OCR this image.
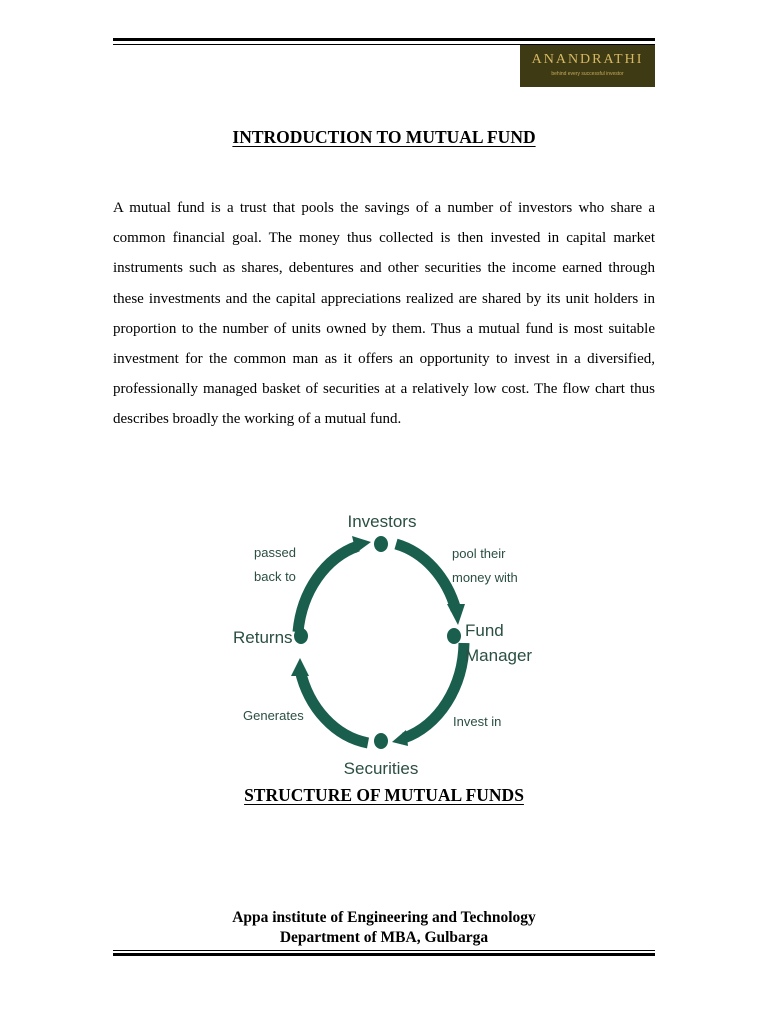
ANANDRATHI
behind every successful investor
INTRODUCTION TO MUTUAL FUND

A mutual fund is a trust that pools the savings of a number of investors who share a common financial goal. The money thus collected is then invested in capital market instruments such as shares, debentures and other securities the income earned through these investments and the capital appreciations realized are shared by its unit holders in proportion to the number of units owned by them. Thus a mutual fund is most suitable investment for the common man as it offers an opportunity to invest in a diversified, professionally managed basket of securities at a relatively low cost. The flow chart thus describes broadly the working of a mutual fund.

Investors
Fund
Manager
Securities
Returns
pool their
money with
Invest in
Generates
passed
back to
STRUCTURE OF MUTUAL FUNDS
Appa institute of Engineering and Technology
Department of MBA, Gulbarga
